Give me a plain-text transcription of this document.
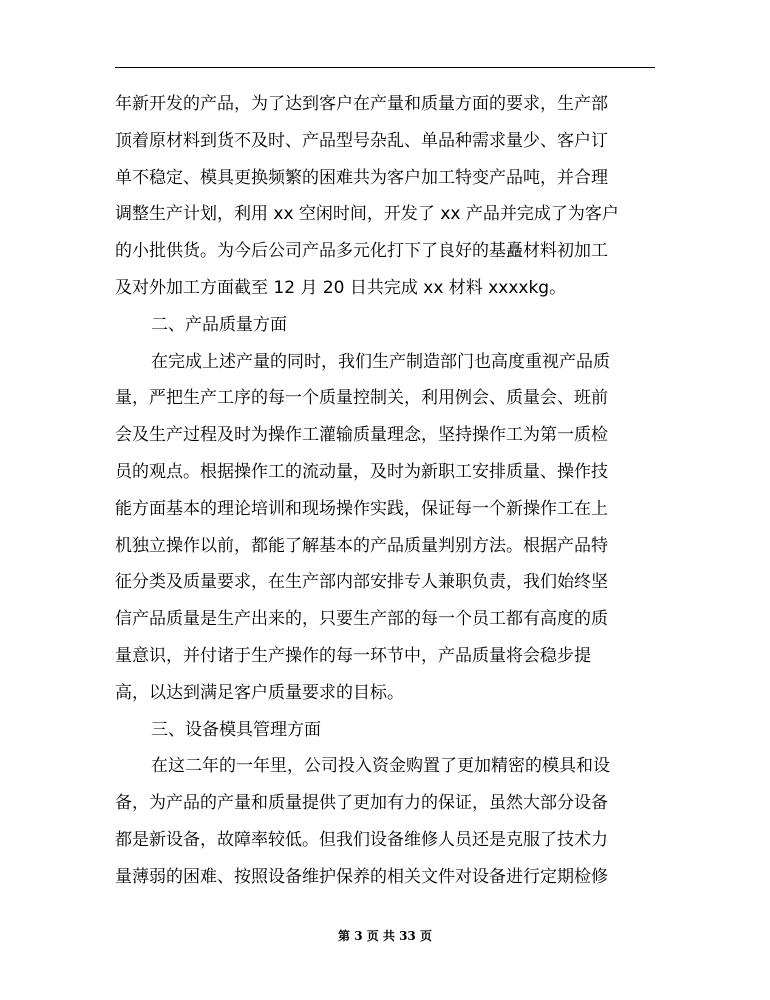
年新开发的产品，为了达到客户在产量和质量方面的要求，生产部
顶着原材料到货不及时、产品型号杂乱、单品种需求量少、客户订
单不稳定、模具更换频繁的困难共为客户加工特变产品吨，并合理
调整生产计划，利用 xx 空闲时间，开发了 xx 产品并完成了为客户
的小批供货。为今后公司产品多元化打下了良好的基矗材料初加工
及对外加工方面截至 12 月 20 日共完成 xx 材料 xxxxkg。
二、产品质量方面
在完成上述产量的同时，我们生产制造部门也高度重视产品质
量，严把生产工序的每一个质量控制关，利用例会、质量会、班前
会及生产过程及时为操作工灌输质量理念，坚持操作工为第一质检
员的观点。根据操作工的流动量，及时为新职工安排质量、操作技
能方面基本的理论培训和现场操作实践，保证每一个新操作工在上
机独立操作以前，都能了解基本的产品质量判别方法。根据产品特
征分类及质量要求，在生产部内部安排专人兼职负责，我们始终坚
信产品质量是生产出来的，只要生产部的每一个员工都有高度的质
量意识，并付诸于生产操作的每一环节中，产品质量将会稳步提
高，以达到满足客户质量要求的目标。
三、设备模具管理方面
在这二年的一年里，公司投入资金购置了更加精密的模具和设
备，为产品的产量和质量提供了更加有力的保证，虽然大部分设备
都是新设备，故障率较低。但我们设备维修人员还是克服了技术力
量薄弱的困难、按照设备维护保养的相关文件对设备进行定期检修
第 3 页 共 33 页
